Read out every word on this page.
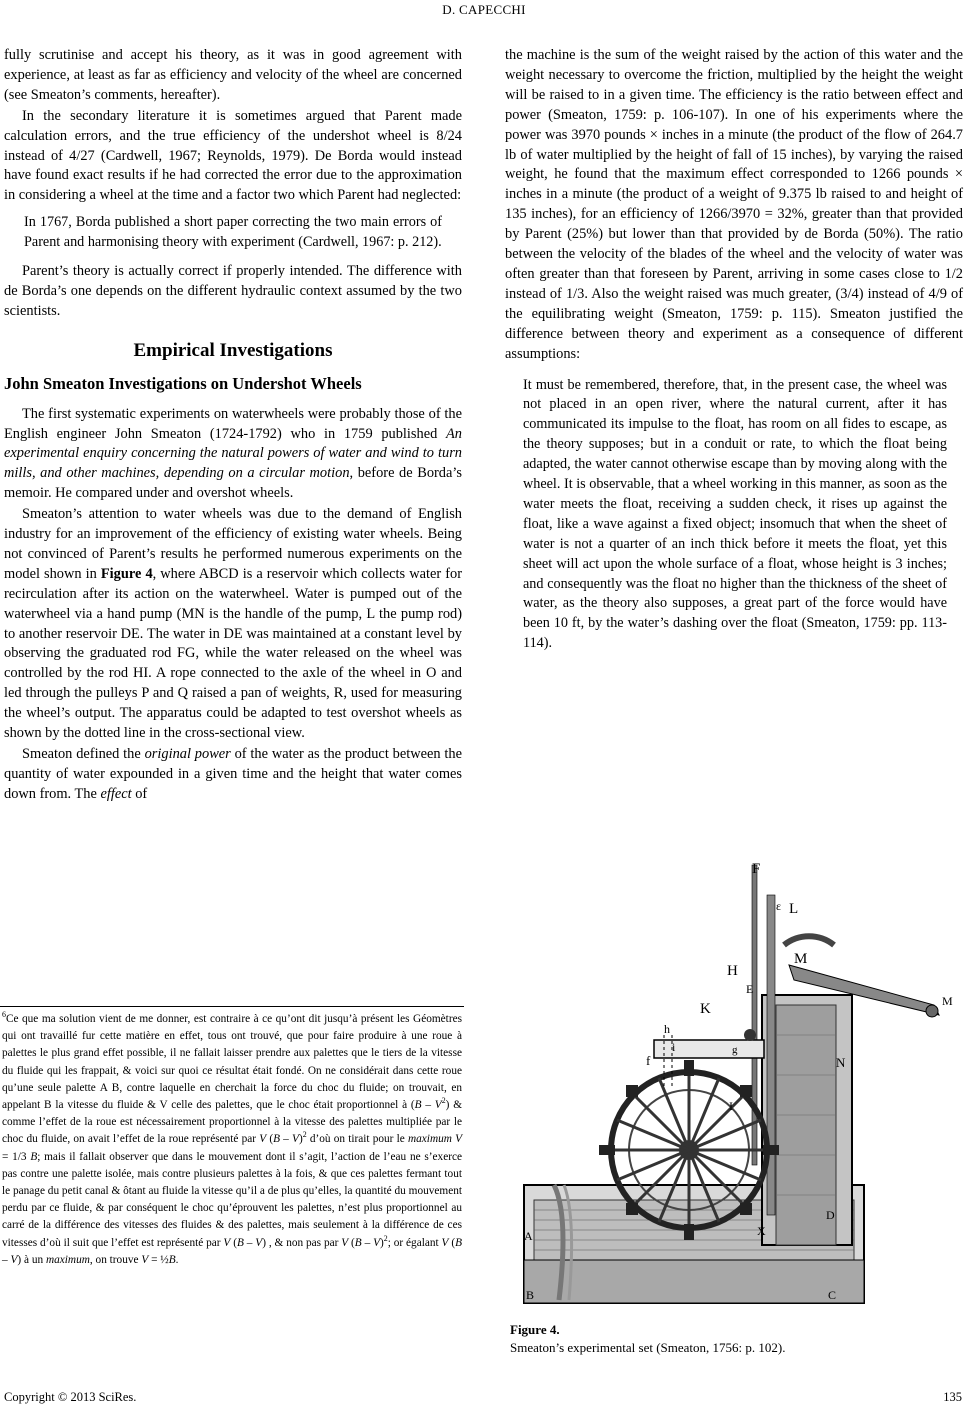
D. CAPECCHI

fully scrutinise and accept his theory, as it was in good agreement with experience, at least as far as efficiency and velocity of the wheel are concerned (see Smeaton’s comments, hereafter).

In the secondary literature it is sometimes argued that Parent made calculation errors, and the true efficiency of the undershot wheel is 8/24 instead of 4/27 (Cardwell, 1967; Reynolds, 1979). De Borda would instead have found exact results if he had corrected the error due to the approximation in considering a wheel at the time and a factor two which Parent had neglected:

In 1767, Borda published a short paper correcting the two main errors of Parent and harmonising theory with experiment (Cardwell, 1967: p. 212).

Parent’s theory is actually correct if properly intended. The difference with de Borda’s one depends on the different hydraulic context assumed by the two scientists.

Empirical Investigations
John Smeaton Investigations on Undershot Wheels

The first systematic experiments on waterwheels were probably those of the English engineer John Smeaton (1724-1792) who in 1759 published An experimental enquiry concerning the natural powers of water and wind to turn mills, and other machines, depending on a circular motion, before de Borda’s memoir. He compared under and overshot wheels.

Smeaton’s attention to water wheels was due to the demand of English industry for an improvement of the efficiency of existing water wheels. Being not convinced of Parent’s results he performed numerous experiments on the model shown in Figure 4, where ABCD is a reservoir which collects water for recirculation after its action on the waterwheel. Water is pumped out of the waterwheel via a hand pump (MN is the handle of the pump, L the pump rod) to another reservoir DE. The water in DE was maintained at a constant level by observing the graduated rod FG, while the water released on the wheel was controlled by the rod HI. A rope connected to the axle of the wheel in O and led through the pulleys P and Q raised a pan of weights, R, used for measuring the wheel’s output. The apparatus could be adapted to test overshot wheels as shown by the dotted line in the cross-sectional view.

Smeaton defined the original power of the water as the product between the quantity of water expounded in a given time and the height that water comes down from. The effect of

$^6$Ce que ma solution vient de me donner, est contraire à ce qu’ont dit jusqu’à présent les Géomètres qui ont travaillé fur cette matière en effet, tous ont trouvé, que pour faire produire à une roue à palettes le plus grand effet possible, il ne fallait laisser prendre aux palettes que le tiers de la vitesse du fluide qui les frappait, & voici sur quoi ce résultat était fondé. On ne considérait dans cette roue qu’une seule palette A B, contre laquelle en cherchait la force du choc du fluide; on trouvait, en appelant B la vitesse du fluide & V celle des palettes, que le choc était proportionnel à $(B - V^2)$ & comme l’effet de la roue est nécessairement proportionnel à la vitesse des palettes multipliée par le choc du fluide, on avait l’effet de la roue représenté par V (B – V)$^2$ d’où on tirait pour le maximum V = 1/3 B; mais il fallait observer que dans le mouvement dont il s’agit, l’action de l’eau ne s’exerce pas contre une palette isolée, mais contre plusieurs palettes à la fois, & que ces palettes fermant tout le panage du petit canal & ôtant au fluide la vitesse qu’il a de plus qu’elles, la quantité du mouvement perdu par ce fluide, & par conséquent le choc qu’éprouvent les palettes, n’est plus proportionnel au carré de la différence des vitesses des fluides & des palettes, mais seulement à la différence de ces vitesses d’où il suit que l’effet est représenté par V (B – V) , & non pas par V (B – V)$^2$; or égalant V (B – V) à un maximum, on trouve V = ½B.

the machine is the sum of the weight raised by the action of this water and the weight necessary to overcome the friction, multiplied by the height the weight will be raised to in a given time. The efficiency is the ratio between effect and power (Smeaton, 1759: p. 106-107). In one of his experiments where the power was 3970 pounds × inches in a minute (the product of the flow of 264.7 lb of water multiplied by the height of fall of 15 inches), by varying the raised weight, he found that the maximum effect corresponded to 1266 pounds × inches in a minute (the product of a weight of 9.375 lb raised to and height of 135 inches), for an efficiency of 1266/3970 = 32%, greater than that provided by Parent (25%) but lower than that provided by de Borda (50%). The ratio between the velocity of the blades of the wheel and the velocity of water was often greater than that foreseen by Parent, arriving in some cases close to 1/2 instead of 1/3. Also the weight raised was much greater, (3/4) instead of 4/9 of the equilibrating weight (Smeaton, 1759: p. 115). Smeaton justified the difference between theory and experiment as a consequence of different assumptions:

It must be remembered, therefore, that, in the present case, the wheel was not placed in an open river, where the natural current, after it has communicated its impulse to the float, has room on all fides to escape, as the theory supposes; but in a conduit or rate, to which the float being adapted, the water cannot otherwise escape than by moving along with the wheel. It is observable, that a wheel working in this manner, as soon as the water meets the float, receiving a sudden check, it rises up against the float, like a wave against a fixed object; insomuch that when the sheet of water is not a quarter of an inch thick before it meets the float, yet this sheet will act upon the whole surface of a float, whose height is 3 inches; and consequently was the float no higher than the thickness of the sheet of water, as the theory also supposes, a great part of the force would have been 10 ft, by the water’s dashing over the float (Smeaton, 1759: pp. 113-114).
F
L
ε
M
H
E
K
h
i
f
g
N
M
I
D
X
A
B	C
Figure 4.
Smeaton’s experimental set (Smeaton, 1756: p. 102).
Copyright © 2013 SciRes.	135
